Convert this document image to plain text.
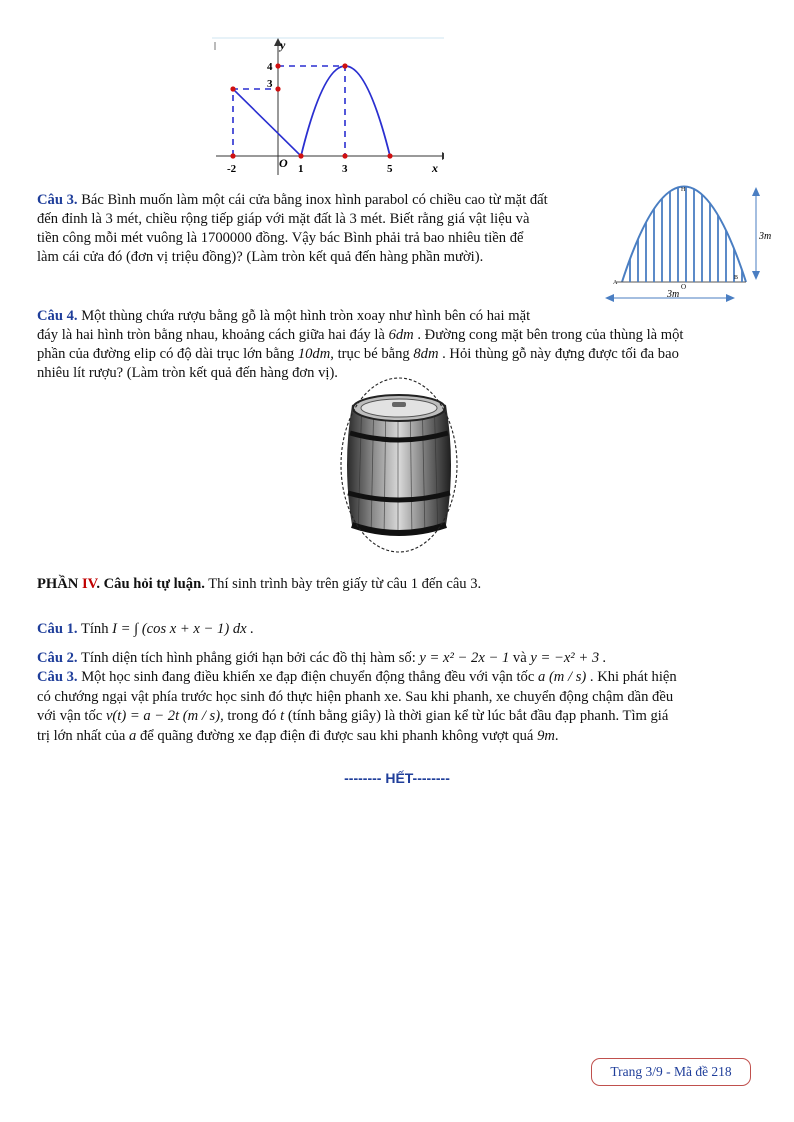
y
x
O
-2	1	3	5
4
3
Câu 3. Bác Bình muốn làm một cái cửa bằng inox hình parabol có chiều cao từ mặt đất
đến đỉnh là 3 mét, chiều rộng tiếp giáp với mặt đất là 3 mét. Biết rằng giá vật liệu và
tiền công mỗi mét vuông là 1700000 đồng. Vậy bác Bình phải trả bao nhiêu tiền để
làm cái cửa đó (đơn vị triệu đồng)? (Làm tròn kết quả đến hàng phần mười).
H
A
B
O
3m
3m
Câu 4. Một thùng chứa rượu bằng gỗ là một hình tròn xoay như hình bên có hai mặt
đáy là hai hình tròn bằng nhau, khoảng cách giữa hai đáy là 6dm . Đường cong mặt bên trong của thùng là một
phần của đường elip có độ dài trục lớn bằng 10dm, trục bé bằng 8dm . Hỏi thùng gỗ này đựng được tối đa bao
nhiêu lít rượu? (Làm tròn kết quả đến hàng đơn vị).
PHẦN IV. Câu hỏi tự luận. Thí sinh trình bày trên giấy từ câu 1 đến câu 3.
Câu 1. Tính I = ∫ (cos x + x − 1) dx .
Câu 2. Tính diện tích hình phẳng giới hạn bởi các đồ thị hàm số: y = x² − 2x − 1 và y = −x² + 3 .
Câu 3. Một học sinh đang điều khiển xe đạp điện chuyển động thẳng đều với vận tốc a (m / s) . Khi phát hiện
có chướng ngại vật phía trước học sinh đó thực hiện phanh xe. Sau khi phanh, xe chuyển động chậm dần đều
với vận tốc v(t) = a − 2t (m / s), trong đó t (tính bằng giây) là thời gian kể từ lúc bắt đầu đạp phanh. Tìm giá
trị lớn nhất của a để quãng đường xe đạp điện đi được sau khi phanh không vượt quá 9m.
-------- HẾT--------
Trang 3/9 - Mã đề 218
